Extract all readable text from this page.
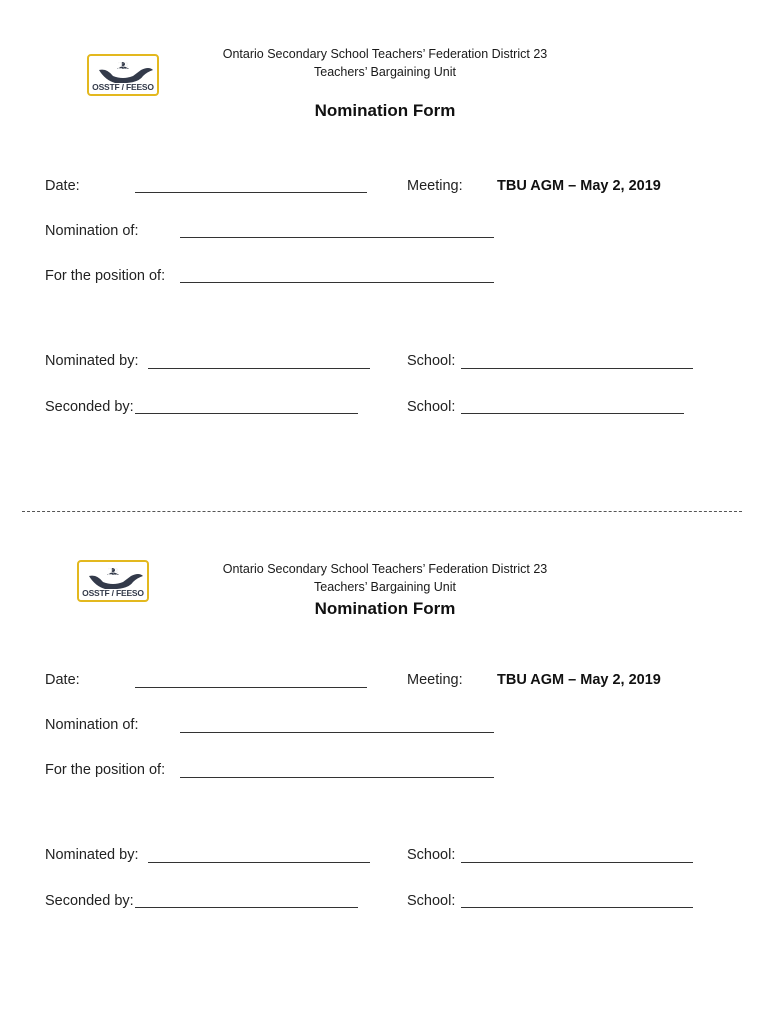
23
OSSTF / FEESO
Ontario Secondary School Teachers’ Federation District 23
Teachers’ Bargaining Unit
Nomination Form
Date:	Meeting: TBU AGM – May 2, 2019
Nomination of:
For the position of:
Nominated by:	School:
Seconded by:	School:
23
OSSTF / FEESO
Ontario Secondary School Teachers’ Federation District 23
Teachers’ Bargaining Unit
Nomination Form
Date:	Meeting: TBU AGM – May 2, 2019
Nomination of:
For the position of:
Nominated by:	School:
Seconded by:	School:
